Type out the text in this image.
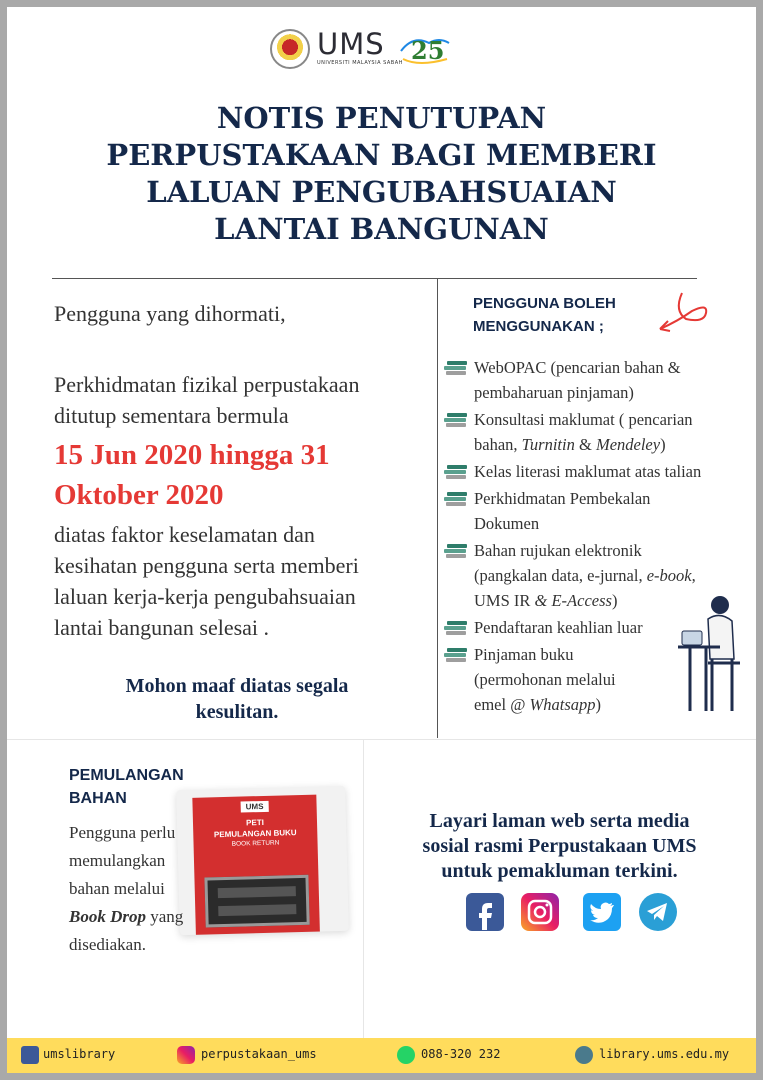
UMS
UNIVERSITI MALAYSIA SABAH 25
NOTIS PENUTUPAN
PERPUSTAKAAN BAGI MEMBERI
LALUAN PENGUBAHSUAIAN
LANTAI BANGUNAN
Pengguna yang dihormati,
Perkhidmatan fizikal perpustakaan
ditutup sementara bermula
15 Jun 2020 hingga 31
Oktober 2020
diatas faktor keselamatan dan
kesihatan pengguna serta memberi
laluan kerja-kerja pengubahsuaian
lantai bangunan selesai .
Mohon maaf diatas segala
kesulitan.
PENGGUNA BOLEH
MENGGUNAKAN ;
WebOPAC (pencarian bahan &
pembaharuan pinjaman)
Konsultasi maklumat ( pencarian
bahan, Turnitin & Mendeley)
Kelas literasi maklumat atas talian
Perkhidmatan Pembekalan
Dokumen
Bahan rujukan elektronik
(pangkalan data, e-jurnal, e-book,
UMS IR & E-Access)
Pendaftaran keahlian luar
Pinjaman buku
(permohonan melalui
emel @ Whatsapp)
PEMULANGAN
BAHAN	UMS
PETI
PEMULANGAN BUKU
BOOK RETURN
Pengguna perlu
memulangkan
bahan melalui
Book Drop yang
disediakan.
Layari laman web serta media
sosial rasmi Perpustakaan UMS
untuk pemakluman terkini.
umslibrary	perpustakaan_ums	088-320 232	library.ums.edu.my
